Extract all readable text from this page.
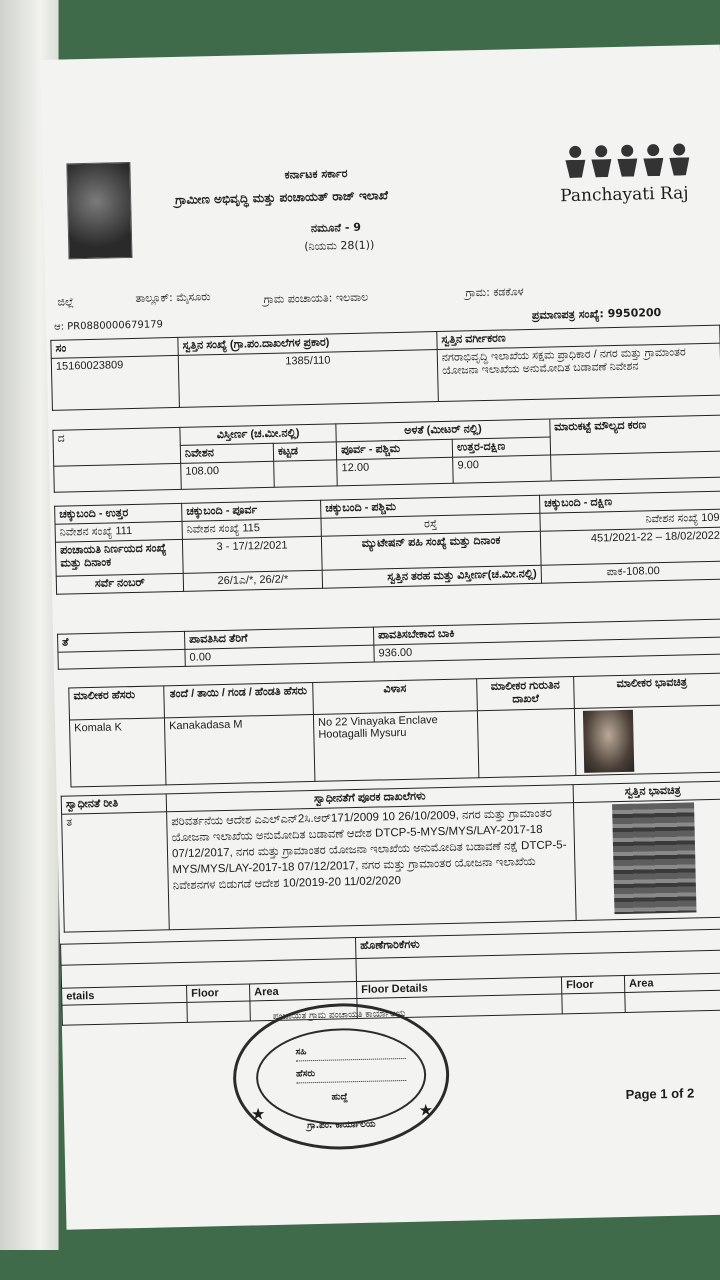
ಕರ್ನಾಟಕ ಸರ್ಕಾರ
ಗ್ರಾಮೀಣ ಅಭಿವೃದ್ಧಿ ಮತ್ತು ಪಂಚಾಯತ್ ರಾಜ್ ಇಲಾಖೆ
ನಮೂನೆ - 9
(ನಿಯಮ 28(1))
Panchayati Raj
ಜಿಲ್ಲೆ	ತಾಲ್ಲೂಕ್: ಮೈಸೂರು	ಗ್ರಾಮ ಪಂಚಾಯತಿ: ಇಲವಾಲ	ಗ್ರಾಮ: ಕಡಕೊಳ
ಆ: PR0880000679179
ಪ್ರಮಾಣಪತ್ರ ಸಂಖ್ಯೆ: 9950200
ಸಂ	ಸ್ವತ್ತಿನ ಸಂಖ್ಯೆ (ಗ್ರಾ.ಪಂ.ದಾಖಲೆಗಳ ಪ್ರಕಾರ)	ಸ್ವತ್ತಿನ ವರ್ಗೀಕರಣ
15160023809	1385/110	ನಗರಾಭಿವೃದ್ಧಿ ಇಲಾಖೆಯ ಸಕ್ಷಮ ಪ್ರಾಧಿಕಾರ / ನಗರ ಮತ್ತು ಗ್ರಾಮಾಂತರ ಯೋಜನಾ ಇಲಾಖೆಯ ಅನುಮೋದಿತ ಬಡಾವಣೆ ನಿವೇಶನ
ದ	ವಿಸ್ತೀರ್ಣ (ಚ.ಮೀ.ನಲ್ಲಿ)		ಅಳತೆ (ಮೀಟರ್ ನಲ್ಲಿ)		ಮಾರುಕಟ್ಟೆ ಮೌಲ್ಯದ ಕರಣ
	ನಿವೇಶನ	ಕಟ್ಟಡ	ಪೂರ್ವ - ಪಶ್ಚಿಮ	ಉತ್ತರ-ದಕ್ಷಿಣ	
	108.00		12.00	9.00	
ಚಕ್ಕುಬಂದಿ - ಉತ್ತರ	ಚಕ್ಕುಬಂದಿ - ಪೂರ್ವ	ಚಕ್ಕುಬಂದಿ - ಪಶ್ಚಿಮ	ಚಕ್ಕುಬಂದಿ - ದಕ್ಷಿಣ
ನಿವೇಶನ ಸಂಖ್ಯೆ 111	ನಿವೇಶನ ಸಂಖ್ಯೆ 115	ರಸ್ತೆ	ನಿವೇಶನ ಸಂಖ್ಯೆ 109
ಪಂಚಾಯತಿ ನಿರ್ಣಯದ ಸಂಖ್ಯೆ ಮತ್ತು ದಿನಾಂಕ	3 - 17/12/2021	ಮ್ಯುಟೇಷನ್ ಪಹಿ ಸಂಖ್ಯೆ ಮತ್ತು ದಿನಾಂಕ	451/2021-22 – 18/02/2022
ಸರ್ವೆ ನಂಬರ್	26/1ಎ/*, 26/2/*	ಸ್ವತ್ತಿನ ತರಹ ಮತ್ತು ವಿಸ್ತೀರ್ಣ(ಚ.ಮೀ.ನಲ್ಲಿ)	ಪಾಕ-108.00
ತೆ	ಪಾವತಿಸಿದ ತೆರಿಗೆ	ಪಾವತಿಸಬೇಕಾದ ಬಾಕಿ
	0.00	936.00
ಮಾಲೀಕರ ಹೆಸರು	ತಂದೆ / ತಾಯಿ / ಗಂಡ / ಹೆಂಡತಿ ಹೆಸರು	ವಿಳಾಸ	ಮಾಲೀಕರ ಗುರುತಿನ ದಾಖಲೆ	ಮಾಲೀಕರ ಭಾವಚಿತ್ರ
Komala K	Kanakadasa M	No 22 Vinayaka Enclave
Hootagalli Mysuru		

ಸ್ವಾಧೀನತೆ ರೀತಿ	ಸ್ವಾಧೀನತೆಗೆ ಪೂರಕ ದಾಖಲೆಗಳು	ಸ್ವತ್ತಿನ ಭಾವಚಿತ್ರ
ತ	ಪರಿವರ್ತನೆಯ ಆದೇಶ ಎಎಲ್‌ಎನ್2ಸಿ.ಆರ್171/2009 10 26/10/2009, ನಗರ ಮತ್ತು ಗ್ರಾಮಾಂತರ ಯೋಜನಾ ಇಲಾಖೆಯ ಅನುಮೋದಿತ ಬಡಾವಣೆ ಆದೇಶ DTCP-5-MYS/MYS/LAY-2017-18 07/12/2017, ನಗರ ಮತ್ತು ಗ್ರಾಮಾಂತರ ಯೋಜನಾ ಇಲಾಖೆಯ ಅನುಮೋದಿತ ಬಡಾವಣೆ ನಕ್ಷೆ DTCP-5-MYS/MYS/LAY-2017-18 07/12/2017, ನಗರ ಮತ್ತು ಗ್ರಾಮಾಂತರ ಯೋಜನಾ ಇಲಾಖೆಯ ನಿವೇಶನಗಳ ಬಿಡುಗಡೆ ಆದೇಶ 10/2019-20 11/02/2020	
			ಹೊಣೆಗಾರಿಕೆಗಳು		

etails	Floor	Area	Floor Details	Floor	Area

ಪಂಚಾಯತ ಗ್ರಾಮ ಪಂಚಾಯತಿ ಕಾರ್ಯಾಲಯ
ಸಹಿ
ಹೆಸರು
ಹುದ್ದೆ
ಗ್ರಾ.ಪಂ. ಕಾರ್ಯಾಲಯ
★	★
Page 1 of 2
